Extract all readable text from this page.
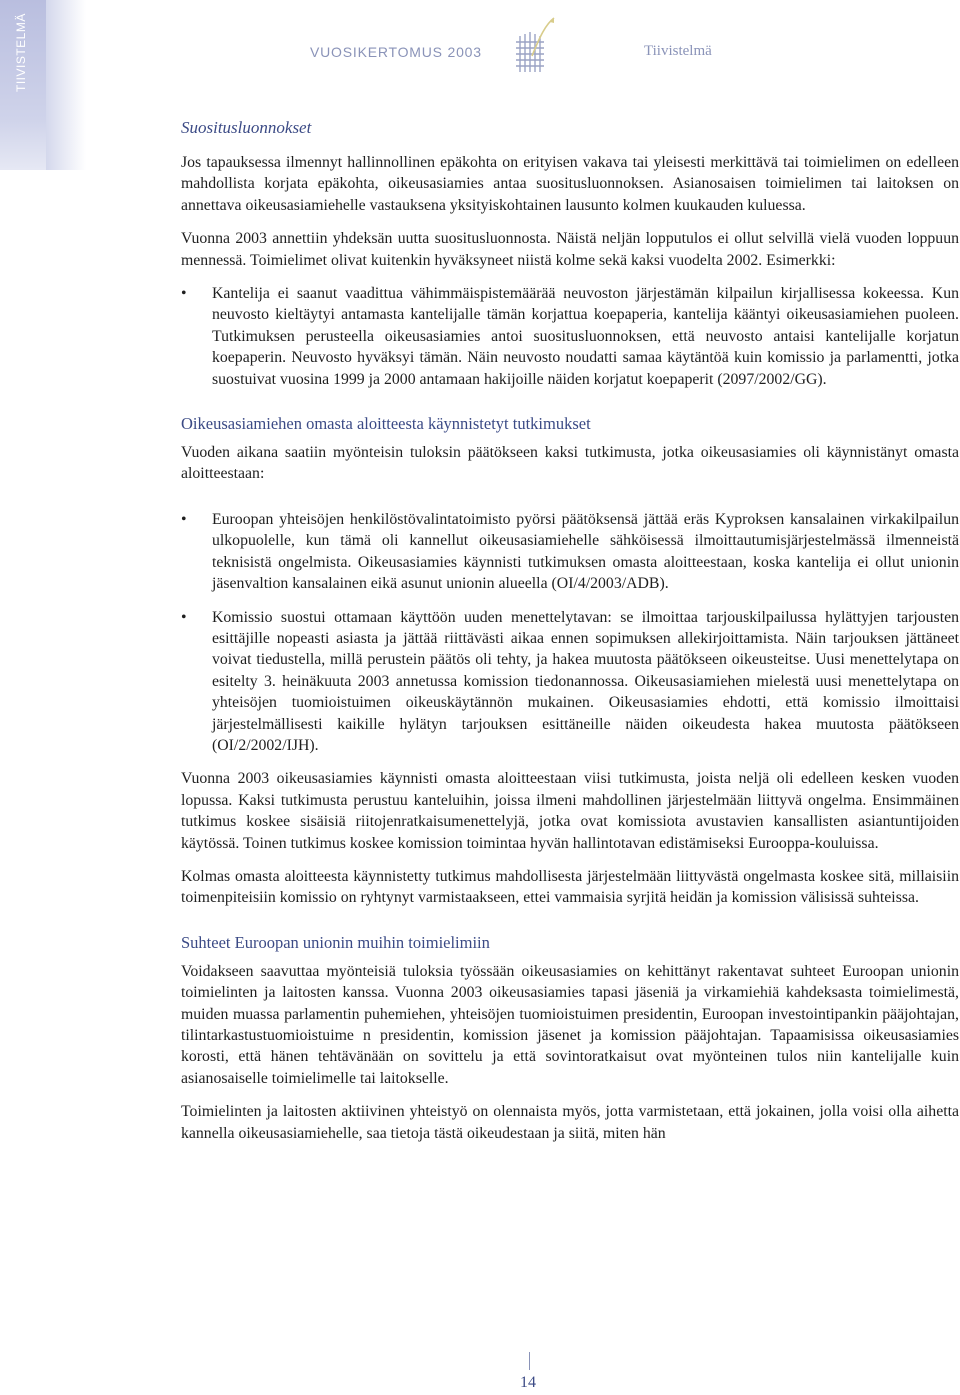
TIIVISTELMÄ	VUOSIKERTOMUS 2003	Tiivistelmä
Suositusluonnokset

Jos tapauksessa ilmennyt hallinnollinen epäkohta on erityisen vakava tai yleisesti merkittävä tai toimielimen on edelleen mahdollista korjata epäkohta, oikeusasiamies antaa suositusluonnoksen. Asianosaisen toimielimen tai laitoksen on annettava oikeusasiamiehelle vastauksena yksityiskohtainen lausunto kolmen kuukauden kuluessa.

Vuonna 2003 annettiin yhdeksän uutta suositusluonnosta. Näistä neljän lopputulos ei ollut selvillä vielä vuoden loppuun mennessä. Toimielimet olivat kuitenkin hyväksyneet niistä kolme sekä kaksi vuodelta 2002. Esimerkki:

• Kantelija ei saanut vaadittua vähimmäispistemäärää neuvoston järjestämän kilpailun kirjallisessa kokeessa. Kun neuvosto kieltäytyi antamasta kantelijalle tämän korjattua koepaperia, kantelija kääntyi oikeusasiamiehen puoleen. Tutkimuksen perusteella oikeusasiamies antoi suositusluonnoksen, että neuvosto antaisi kantelijalle korjatun koepaperin. Neuvosto hyväksyi tämän. Näin neuvosto noudatti samaa käytäntöä kuin komissio ja parlamentti, jotka suostuivat vuosina 1999 ja 2000 antamaan hakijoille näiden korjatut koepaperit (2097/2002/GG).

Oikeusasiamiehen omasta aloitteesta käynnistetyt tutkimukset

Vuoden aikana saatiin myönteisin tuloksin päätökseen kaksi tutkimusta, jotka oikeusasiamies oli käynnistänyt omasta aloitteestaan:

• Euroopan yhteisöjen henkilöstövalintatoimisto pyörsi päätöksensä jättää eräs Kyproksen kansalainen virkakilpailun ulkopuolelle, kun tämä oli kannellut oikeusasiamiehelle sähköisessä ilmoittautumisjärjestelmässä ilmenneistä teknisistä ongelmista. Oikeusasiamies käynnisti tutkimuksen omasta aloitteestaan, koska kantelija ei ollut unionin jäsenvaltion kansalainen eikä asunut unionin alueella (OI/4/2003/ADB).

• Komissio suostui ottamaan käyttöön uuden menettelytavan: se ilmoittaa tarjouskilpailussa hylättyjen tarjousten esittäjille nopeasti asiasta ja jättää riittävästi aikaa ennen sopimuksen allekirjoittamista. Näin tarjouksen jättäneet voivat tiedustella, millä perustein päätös oli tehty, ja hakea muutosta päätökseen oikeusteitse. Uusi menettelytapa on esitelty 3. heinäkuuta 2003 annetussa komission tiedonannossa. Oikeusasiamiehen mielestä uusi menettelytapa on yhteisöjen tuomioistuimen oikeuskäytännön mukainen. Oikeusasiamies ehdotti, että komissio ilmoittaisi järjestelmällisesti kaikille hylätyn tarjouksen esittäneille näiden oikeudesta hakea muutosta päätökseen (OI/2/2002/IJH).

Vuonna 2003 oikeusasiamies käynnisti omasta aloitteestaan viisi tutkimusta, joista neljä oli edelleen kesken vuoden lopussa. Kaksi tutkimusta perustuu kanteluihin, joissa ilmeni mahdollinen järjestelmään liittyvä ongelma. Ensimmäinen tutkimus koskee sisäisiä riitojenratkaisumenettelyjä, jotka ovat komissiota avustavien kansallisten asiantuntijoiden käytössä. Toinen tutkimus koskee komission toimintaa hyvän hallintotavan edistämiseksi Eurooppa-kouluissa.

Kolmas omasta aloitteesta käynnistetty tutkimus mahdollisesta järjestelmään liittyvästä ongelmasta koskee sitä, millaisiin toimenpiteisiin komissio on ryhtynyt varmistaakseen, ettei vammaisia syrjitä heidän ja komission välisissä suhteissa.

Suhteet Euroopan unionin muihin toimielimiin

Voidakseen saavuttaa myönteisiä tuloksia työssään oikeusasiamies on kehittänyt rakentavat suhteet Euroopan unionin toimielinten ja laitosten kanssa. Vuonna 2003 oikeusasiamies tapasi jäseniä ja virkamiehiä kahdeksasta toimielimestä, muiden muassa parlamentin puhemiehen, yhteisöjen tuomioistuimen presidentin, Euroopan investointipankin pääjohtajan, tilintarkastustuomioistuime n presidentin, komission jäsenet ja komission pääjohtajan. Tapaamisissa oikeusasiamies korosti, että hänen tehtävänään on sovittelu ja että sovintoratkaisut ovat myönteinen tulos niin kantelijalle kuin asianosaiselle toimielimelle tai laitokselle.

Toimielinten ja laitosten aktiivinen yhteistyö on olennaista myös, jotta varmistetaan, että jokainen, jolla voisi olla aihetta kannella oikeusasiamiehelle, saa tietoja tästä oikeudestaan ja siitä, miten hän

14
